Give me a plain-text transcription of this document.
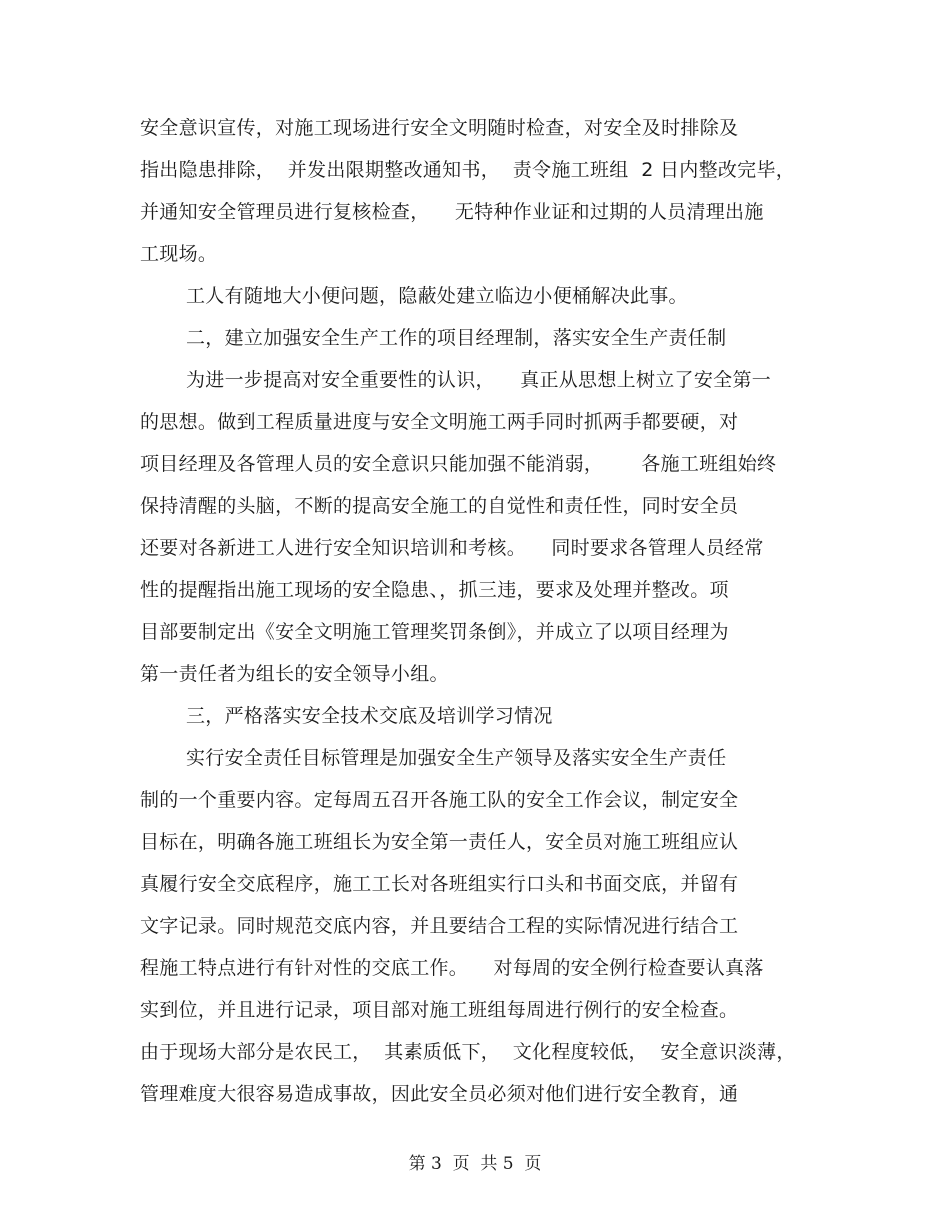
安全意识宣传，对施工现场进行安全文明随时检查，对安全及时排除及
指出隐患排除，  并发出限期整改通知书，  责令施工班组  2 日内整改完毕，
并通知安全管理员进行复核检查，    无特种作业证和过期的人员清理出施
工现场。
工人有随地大小便问题，隐蔽处建立临边小便桶解决此事。
二，建立加强安全生产工作的项目经理制，落实安全生产责任制
为进一步提高对安全重要性的认识，    真正从思想上树立了安全第一
的思想。做到工程质量进度与安全文明施工两手同时抓两手都要硬，对
项目经理及各管理人员的安全意识只能加强不能消弱，      各施工班组始终
保持清醒的头脑，不断的提高安全施工的自觉性和责任性，同时安全员
还要对各新进工人进行安全知识培训和考核。    同时要求各管理人员经常
性的提醒指出施工现场的安全隐患、，抓三违，要求及处理并整改。项
目部要制定出《安全文明施工管理奖罚条倒》，并成立了以项目经理为
第一责任者为组长的安全领导小组。
三，严格落实安全技术交底及培训学习情况
实行安全责任目标管理是加强安全生产领导及落实安全生产责任
制的一个重要内容。定每周五召开各施工队的安全工作会议，制定安全
目标在，明确各施工班组长为安全第一责任人，安全员对施工班组应认
真履行安全交底程序，施工工长对各班组实行口头和书面交底，并留有
文字记录。同时规范交底内容，并且要结合工程的实际情况进行结合工
程施工特点进行有针对性的交底工作。    对每周的安全例行检查要认真落
实到位，并且进行记录，项目部对施工班组每周进行例行的安全检查。
由于现场大部分是农民工，  其素质低下，  文化程度较低，  安全意识淡薄，
管理难度大很容易造成事故，因此安全员必须对他们进行安全教育，通
第 3  页  共 5  页
